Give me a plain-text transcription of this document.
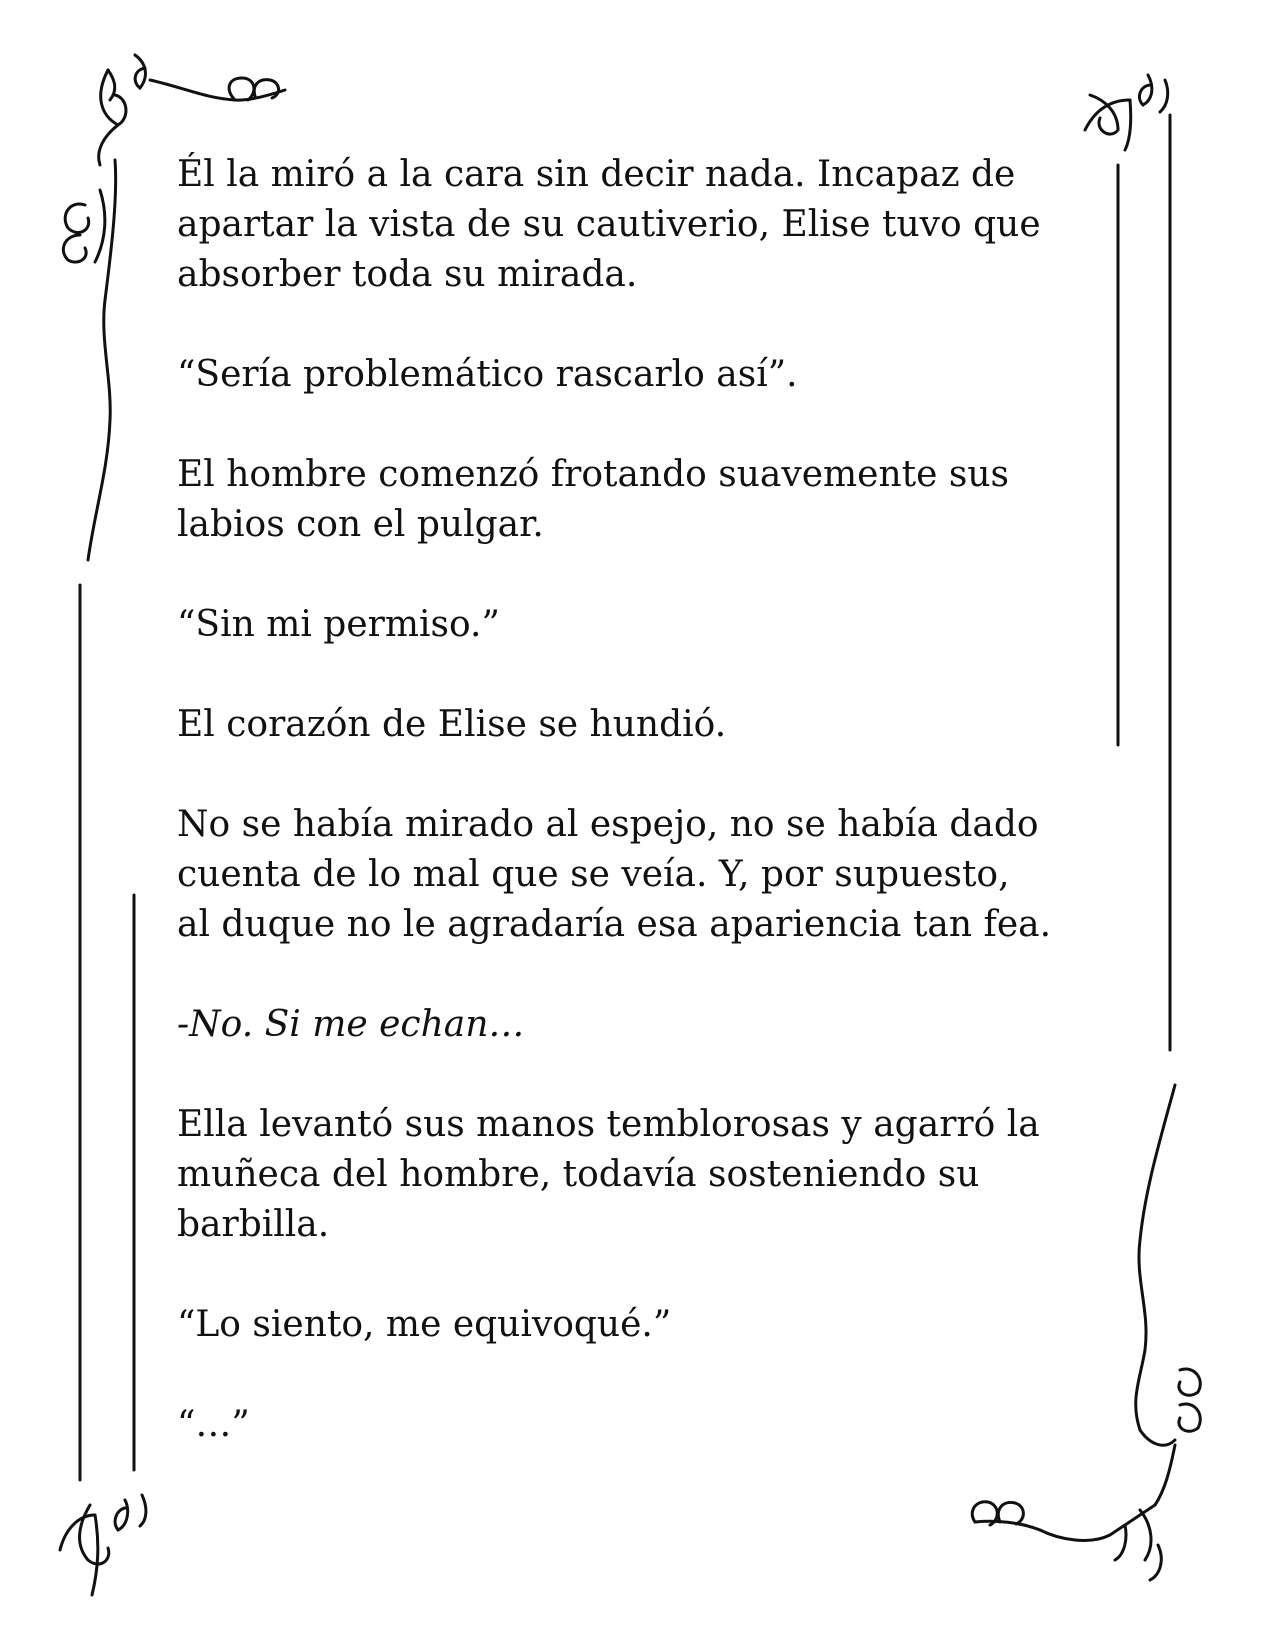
Él la miró a la cara sin decir nada. Incapaz de
apartar la vista de su cautiverio, Elise tuvo que
absorber toda su mirada.

“Sería problemático rascarlo así”.

El hombre comenzó frotando suavemente sus
labios con el pulgar.

“Sin mi permiso.”

El corazón de Elise se hundió.

No se había mirado al espejo, no se había dado
cuenta de lo mal que se veía. Y, por supuesto,
al duque no le agradaría esa apariencia tan fea.

-No. Si me echan…

Ella levantó sus manos temblorosas y agarró la
muñeca del hombre, todavía sosteniendo su
barbilla.

“Lo siento, me equivoqué.”

“…”
